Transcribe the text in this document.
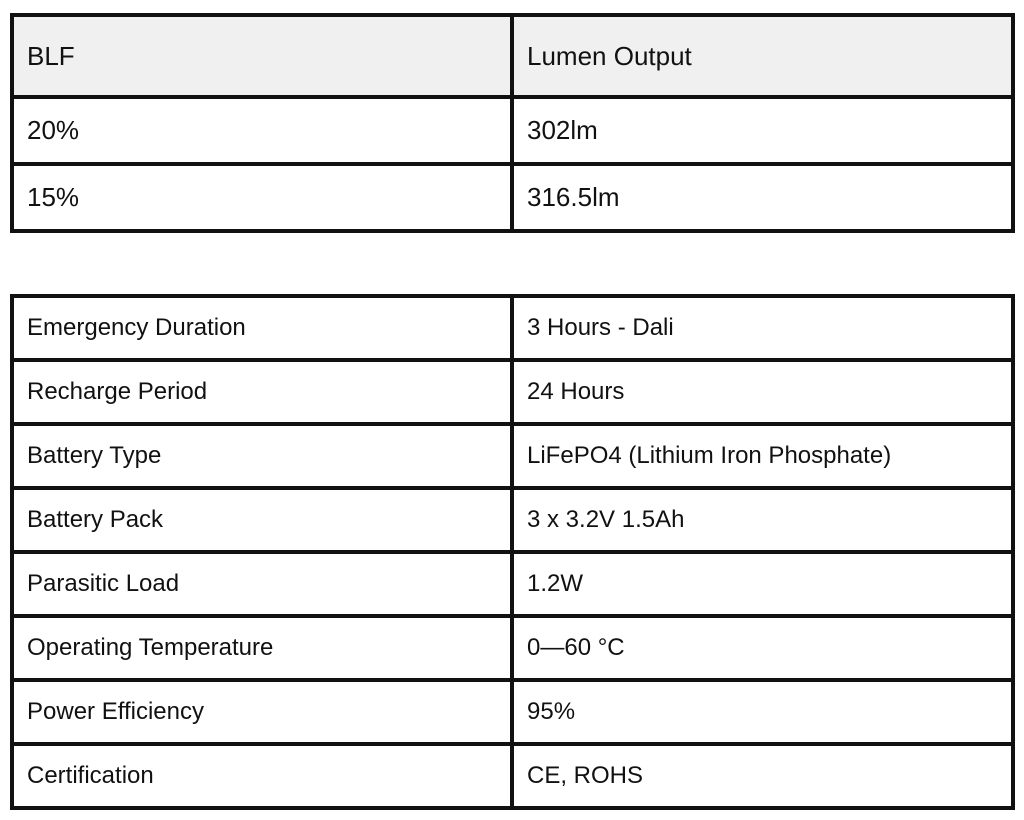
BLF	Lumen Output
20%	302lm
15%	316.5lm
Emergency Duration	3 Hours - Dali
Recharge Period	24 Hours
Battery Type	LiFePO4 (Lithium Iron Phosphate)
Battery Pack	3 x 3.2V 1.5Ah
Parasitic Load	1.2W
Operating Temperature	0—60 °C
Power Efficiency	95%
Certification	CE, ROHS
